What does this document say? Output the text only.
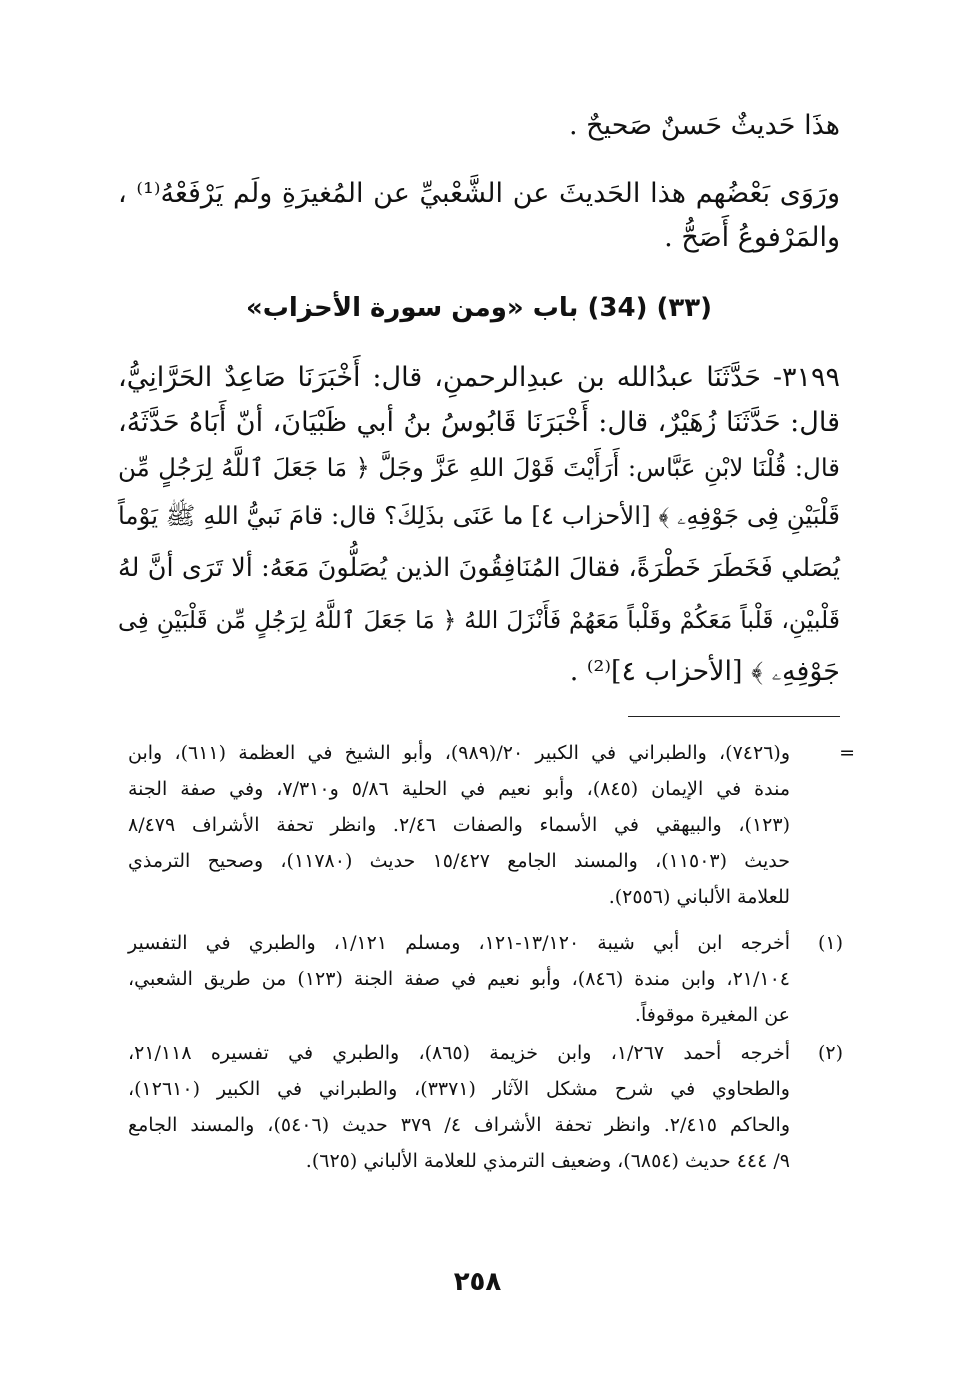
هذَا حَديثٌ حَسنٌ صَحيحٌ .
ورَوَى بَعْضُهم هذا الحَديثَ عن الشَّعْبيِّ عن المُغيرَةِ ولَم يَرْفَعْهُ⁽¹⁾ ،
والمَرْفوعُ أَصَحُّ .
(٣٣) (34) باب «ومن سورة الأحزاب»
٣١٩٩- حَدَّثَنَا عبدُالله بن عبدِالرحمنِ، قال: أَخْبَرَنَا صَاعِدٌ الحَرَّانِيُّ،
قال: حَدَّثَنَا زُهَيْرٌ، قال: أَخْبَرَنَا قَابُوسُ بنُ أبي ظَبْيَانَ، أنّ أَبَاهُ حَدَّثَهُ،
قال: قُلْنَا لابْنِ عَبَّاس: أَرَأَيْتَ قَوْلَ اللهِ عَزَّ وجَلَّ ﴿ مَا جَعَلَ ٱللَّهُ لِرَجُلٍ مِّن
قَلْبَيْنِ فِى جَوْفِهِۦ ﴾ [الأحزاب ٤] ما عَنَى بذَلِكَ؟ قال: قامَ نَبيُّ اللهِ ﷺ يَوْماً
يُصَلي فَخَطَرَ خَطْرَةً، فقالَ المُنَافِقُونَ الذين يُصَلُّونَ مَعَهُ: ألا تَرَى أنَّ لهُ
قَلْبيْنِ، قَلْباً مَعَكُمْ وقَلْباً مَعَهُمْ فَأَنْزَلَ اللهُ ﴿ مَا جَعَلَ ٱللَّهُ لِرَجُلٍ مِّن قَلْبَيْنِ فِى
جَوْفِهِۦ ﴾ [الأحزاب ٤]⁽²⁾ .
=
و(٧٤٢٦)، والطبراني في الكبير ٢٠/(٩٨٩)، وأبو الشيخ في العظمة (٦١١)، وابن
مندة في الإيمان (٨٤٥)، وأبو نعيم في الحلية ٥/٨٦ و٧/٣١٠، وفي صفة الجنة
(١٢٣)، والبيهقي في الأسماء والصفات ٢/٤٦. وانظر تحفة الأشراف ٨/٤٧٩
حديث (١١٥٠٣)، والمسند الجامع ١٥/٤٢٧ حديث (١١٧٨٠)، وصحيح الترمذي
للعلامة الألباني (٢٥٥٦).
(١)
أخرجه ابن أبي شيبة ١٣/١٢٠-١٢١، ومسلم ١/١٢١، والطبري في التفسير
٢١/١٠٤، وابن مندة (٨٤٦)، وأبو نعيم في صفة الجنة (١٢٣) من طريق الشعبي،
عن المغيرة موقوفاً.
(٢)
أخرجه أحمد ١/٢٦٧، وابن خزيمة (٨٦٥)، والطبري في تفسيره ٢١/١١٨،
والطحاوي في شرح مشكل الآثار (٣٣٧١)، والطبراني في الكبير (١٢٦١٠)،
والحاكم ٢/٤١٥. وانظر تحفة الأشراف ٤/ ٣٧٩ حديث (٥٤٠٦)، والمسند الجامع
٩/ ٤٤٤ حديث (٦٨٥٤)، وضعيف الترمذي للعلامة الألباني (٦٢٥).
٢٥٨
